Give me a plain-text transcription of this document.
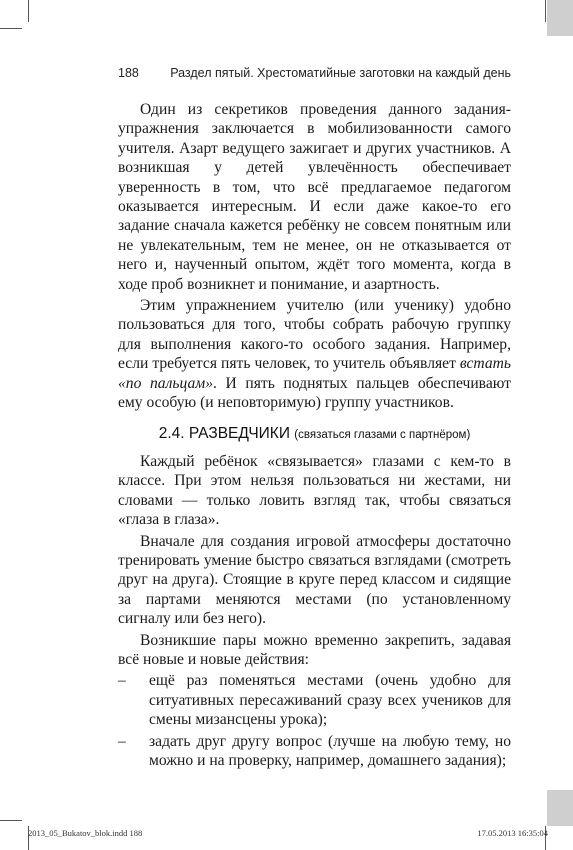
188	Раздел пятый. Хрестоматийные заготовки на каждый день

Один из секретиков проведения данного задания-упражнения заключается в мобилизованности самого учителя. Азарт ведущего зажигает и других участников. А возникшая у детей увлечённость обеспечивает уверенность в том, что всё предлагаемое педагогом оказывается интересным. И если даже какое-то его задание сначала кажется ребёнку не совсем понятным или не увлекательным, тем не менее, он не отказывается от него и, наученный опытом, ждёт того момента, когда в ходе проб возникнет и понимание, и азартность.

Этим упражнением учителю (или ученику) удобно пользоваться для того, чтобы собрать рабочую группку для выполнения какого-то особого задания. Например, если требуется пять человек, то учитель объявляет встать «по пальцам». И пять поднятых пальцев обеспечивают ему особую (и неповторимую) группу участников.

2.4. РАЗВЕДЧИКИ (связаться глазами с партнёром)

Каждый ребёнок «связывается» глазами с кем-то в классе. При этом нельзя пользоваться ни жестами, ни словами — только ловить взгляд так, чтобы связаться «глаза в глаза».

Вначале для создания игровой атмосферы достаточно тренировать умение быстро связаться взглядами (смотреть друг на друга). Стоящие в круге перед классом и сидящие за партами меняются местами (по установленному сигналу или без него).

Возникшие пары можно временно закрепить, задавая всё новые и новые действия:

– ещё раз поменяться местами (очень удобно для ситуативных пересаживаний сразу всех учеников для смены мизансцены урока);
– задать друг другу вопрос (лучше на любую тему, но можно и на проверку, например, домашнего задания);
2013_05_Bukatov_blok.indd 188	17.05.2013 16:35:04
